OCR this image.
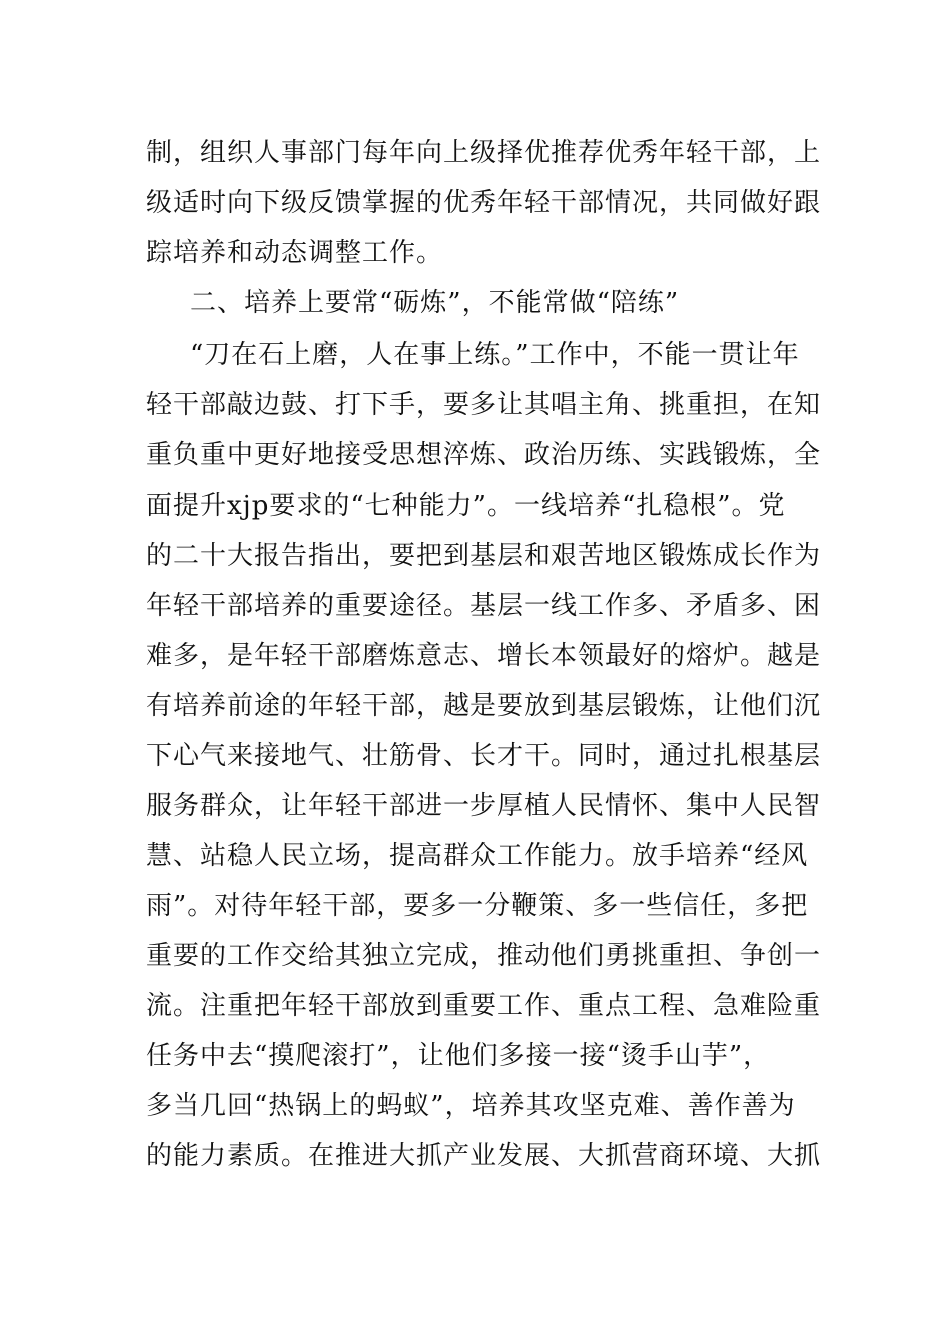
制，组织人事部门每年向上级择优推荐优秀年轻干部，上
级适时向下级反馈掌握的优秀年轻干部情况，共同做好跟
踪培养和动态调整工作。
二、培养上要常“砺炼”，不能常做“陪练”
“刀在石上磨，人在事上练。”工作中，不能一贯让年
轻干部敲边鼓、打下手，要多让其唱主角、挑重担，在知
重负重中更好地接受思想淬炼、政治历练、实践锻炼，全
面提升xjp要求的“七种能力”。一线培养“扎稳根”。党
的二十大报告指出，要把到基层和艰苦地区锻炼成长作为
年轻干部培养的重要途径。基层一线工作多、矛盾多、困
难多，是年轻干部磨炼意志、增长本领最好的熔炉。越是
有培养前途的年轻干部，越是要放到基层锻炼，让他们沉
下心气来接地气、壮筋骨、长才干。同时，通过扎根基层
服务群众，让年轻干部进一步厚植人民情怀、集中人民智
慧、站稳人民立场，提高群众工作能力。放手培养“经风
雨”。对待年轻干部，要多一分鞭策、多一些信任，多把
重要的工作交给其独立完成，推动他们勇挑重担、争创一
流。注重把年轻干部放到重要工作、重点工程、急难险重
任务中去“摸爬滚打”，让他们多接一接“烫手山芋”，
多当几回“热锅上的蚂蚁”，培养其攻坚克难、善作善为
的能力素质。在推进大抓产业发展、大抓营商环境、大抓
